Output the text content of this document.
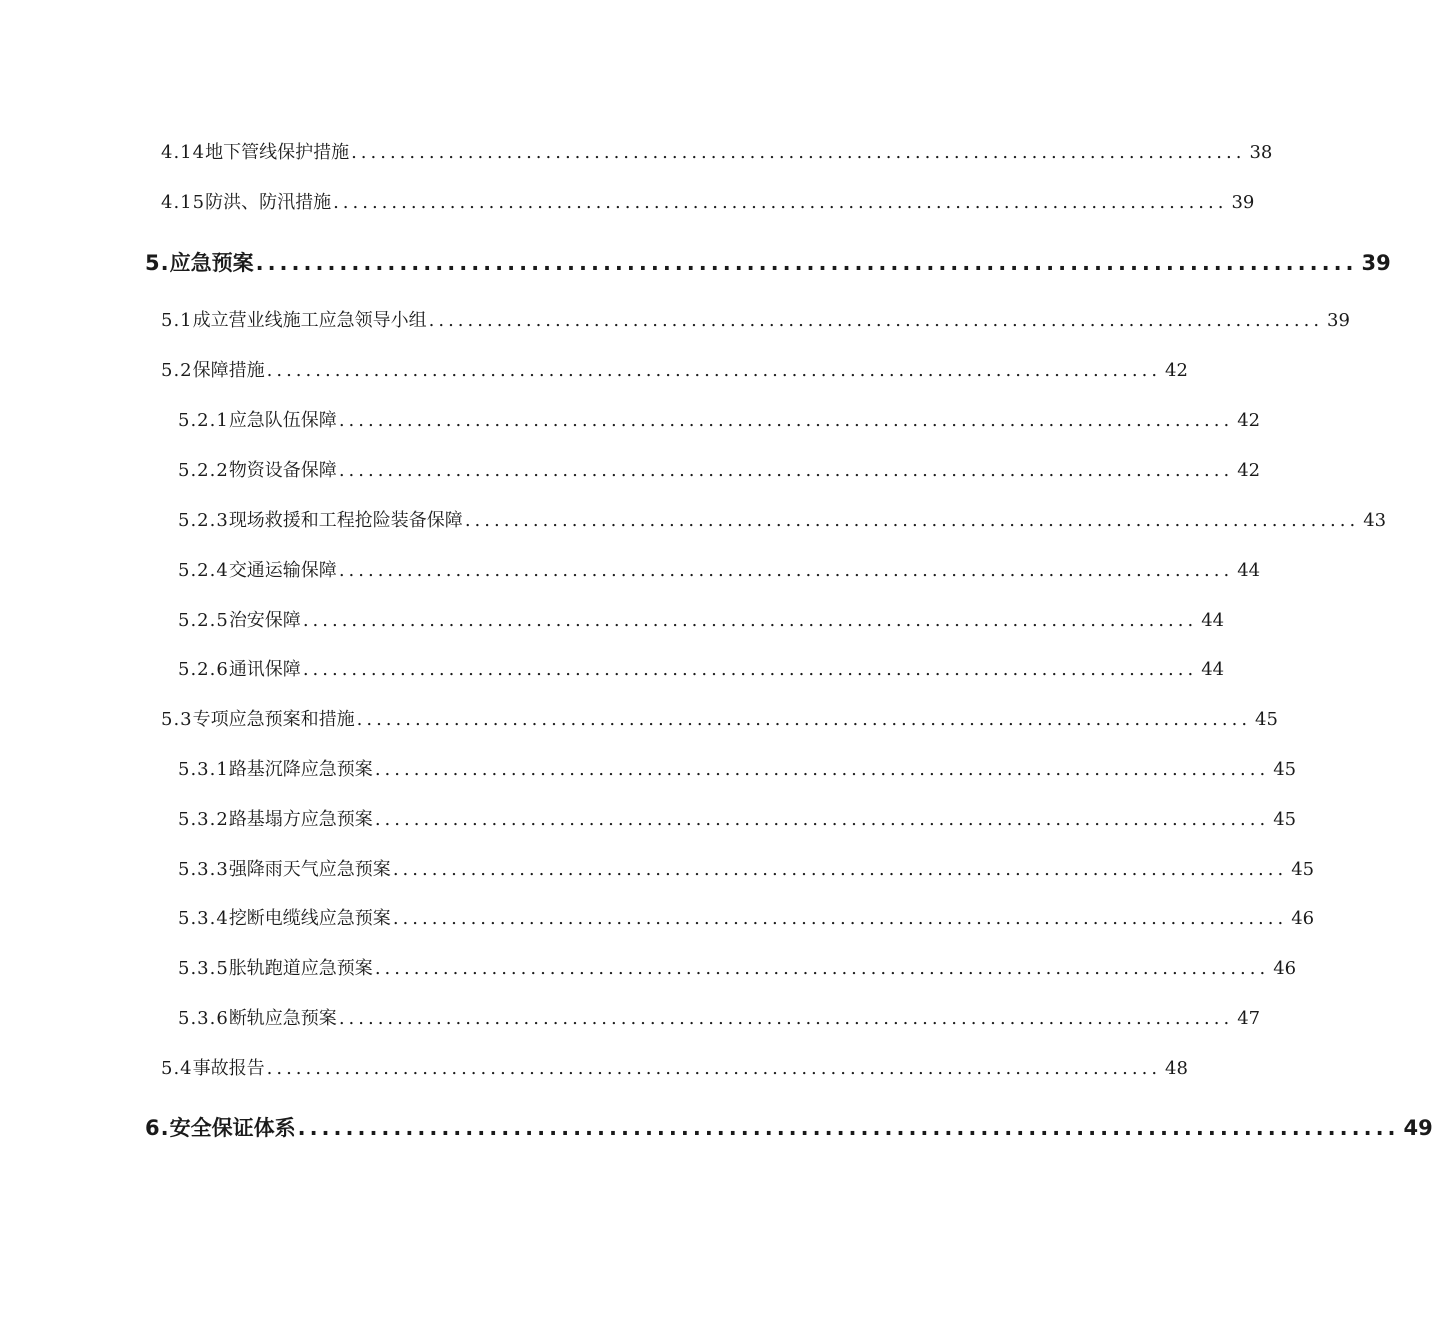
4.14 地下管线保护措施 ............................................................................................ 38
4.15 防洪、防汛措施 ............................................................................................ 39
5. 应急预案 ............................................................................................ 39
5.1 成立营业线施工应急领导小组 ............................................................................................ 39
5.2 保障措施 ............................................................................................ 42
5.2.1 应急队伍保障 ............................................................................................ 42
5.2.2 物资设备保障 ............................................................................................ 42
5.2.3 现场救援和工程抢险装备保障 ............................................................................................ 43
5.2.4 交通运输保障 ............................................................................................ 44
5.2.5 治安保障 ............................................................................................ 44
5.2.6 通讯保障 ............................................................................................ 44
5.3 专项应急预案和措施 ............................................................................................ 45
5.3.1 路基沉降应急预案 ............................................................................................ 45
5.3.2 路基塌方应急预案 ............................................................................................ 45
5.3.3 强降雨天气应急预案 ............................................................................................ 45
5.3.4 挖断电缆线应急预案 ............................................................................................ 46
5.3.5 胀轨跑道应急预案 ............................................................................................ 46
5.3.6 断轨应急预案 ............................................................................................ 47
5.4 事故报告 ............................................................................................ 48
6. 安全保证体系 ............................................................................................ 49
